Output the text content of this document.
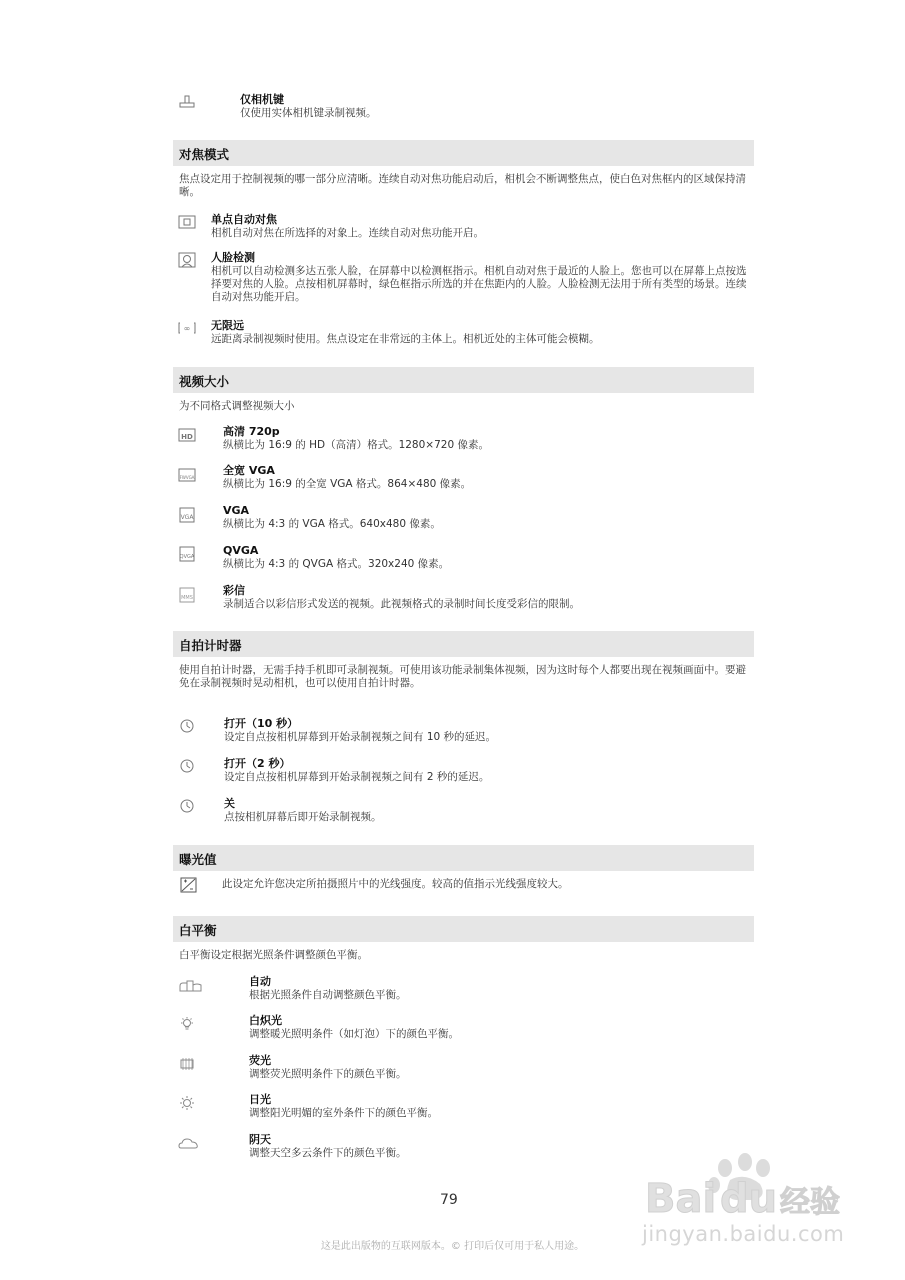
仅相机键
仅使用实体相机键录制视频。
对焦模式
焦点设定用于控制视频的哪一部分应清晰。连续自动对焦功能启动后，相机会不断调整焦点，使白色对焦框内的区域保持清晰。
单点自动对焦
相机自动对焦在所选择的对象上。连续自动对焦功能开启。
人脸检测
相机可以自动检测多达五张人脸，在屏幕中以检测框指示。相机自动对焦于最近的人脸上。您也可以在屏幕上点按选择要对焦的人脸。点按相机屏幕时，绿色框指示所选的并在焦距内的人脸。人脸检测无法用于所有类型的场景。连续自动对焦功能开启。
∞ 无限远
远距离录制视频时使用。焦点设定在非常远的主体上。相机近处的主体可能会模糊。
视频大小
为不同格式调整视频大小
HD	高清 720p
纵横比为 16:9 的 HD（高清）格式。1280×720 像素。
FWVGA
全宽 VGA
纵横比为 16:9 的全宽 VGA 格式。864×480 像素。
VGA
VGA
纵横比为 4:3 的 VGA 格式。640x480 像素。
QVGA	QVGA
纵横比为 4:3 的 QVGA 格式。320x240 像素。
MMS
彩信
录制适合以彩信形式发送的视频。此视频格式的录制时间长度受彩信的限制。
自拍计时器
使用自拍计时器，无需手持手机即可录制视频。可使用该功能录制集体视频，因为这时每个人都要出现在视频画面中。要避免在录制视频时晃动相机，也可以使用自拍计时器。
打开（10 秒）
设定自点按相机屏幕到开始录制视频之间有 10 秒的延迟。
打开（2 秒）
设定自点按相机屏幕到开始录制视频之间有 2 秒的延迟。
关
点按相机屏幕后即开始录制视频。
曝光值
此设定允许您决定所拍摄照片中的光线强度。较高的值指示光线强度较大。
白平衡
白平衡设定根据光照条件调整颜色平衡。
自动
根据光照条件自动调整颜色平衡。
白炽光
调整暖光照明条件（如灯泡）下的颜色平衡。
荧光
调整荧光照明条件下的颜色平衡。
日光
调整阳光明媚的室外条件下的颜色平衡。
阴天
调整天空多云条件下的颜色平衡。
79
这是此出版物的互联网版本。© 打印后仅可用于私人用途。
Bai du 经验
jingyan.baidu.com
